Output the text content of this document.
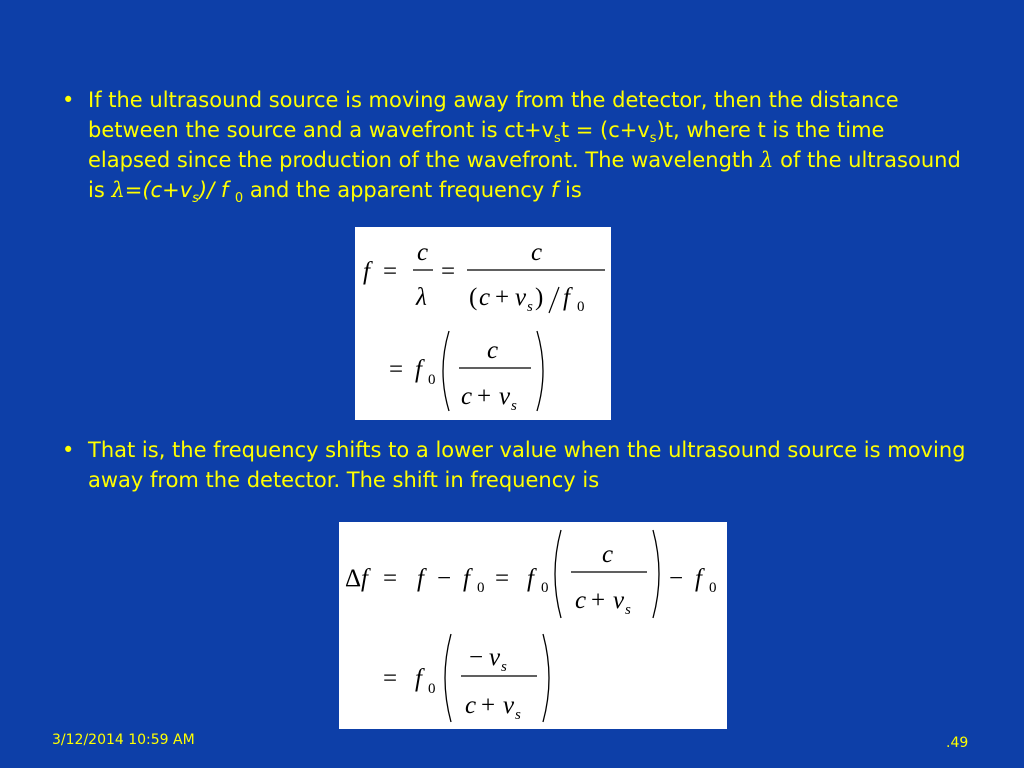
• If the ultrasound source is moving away from the detector, then the distance between the source and a wavefront is $ct+v_st = (c+v_s)t$, where t is the time elapsed since the production of the wavefront. The wavelength λ of the ultrasound is $\lambda=(c+v_s)/$ f $_0$ and the apparent frequency f is
f =
c
λ
=
c
( c + v s ) f 0
= f 0
c
c + v s
• That is, the frequency shifts to a lower value when the ultrasound source is moving away from the detector. The shift in frequency is
Δ f = f − f 0 = f 0
c
c + v s
− f 0
= f 0
− v s
c + v s
3/12/2014 10:59 AM	.49
